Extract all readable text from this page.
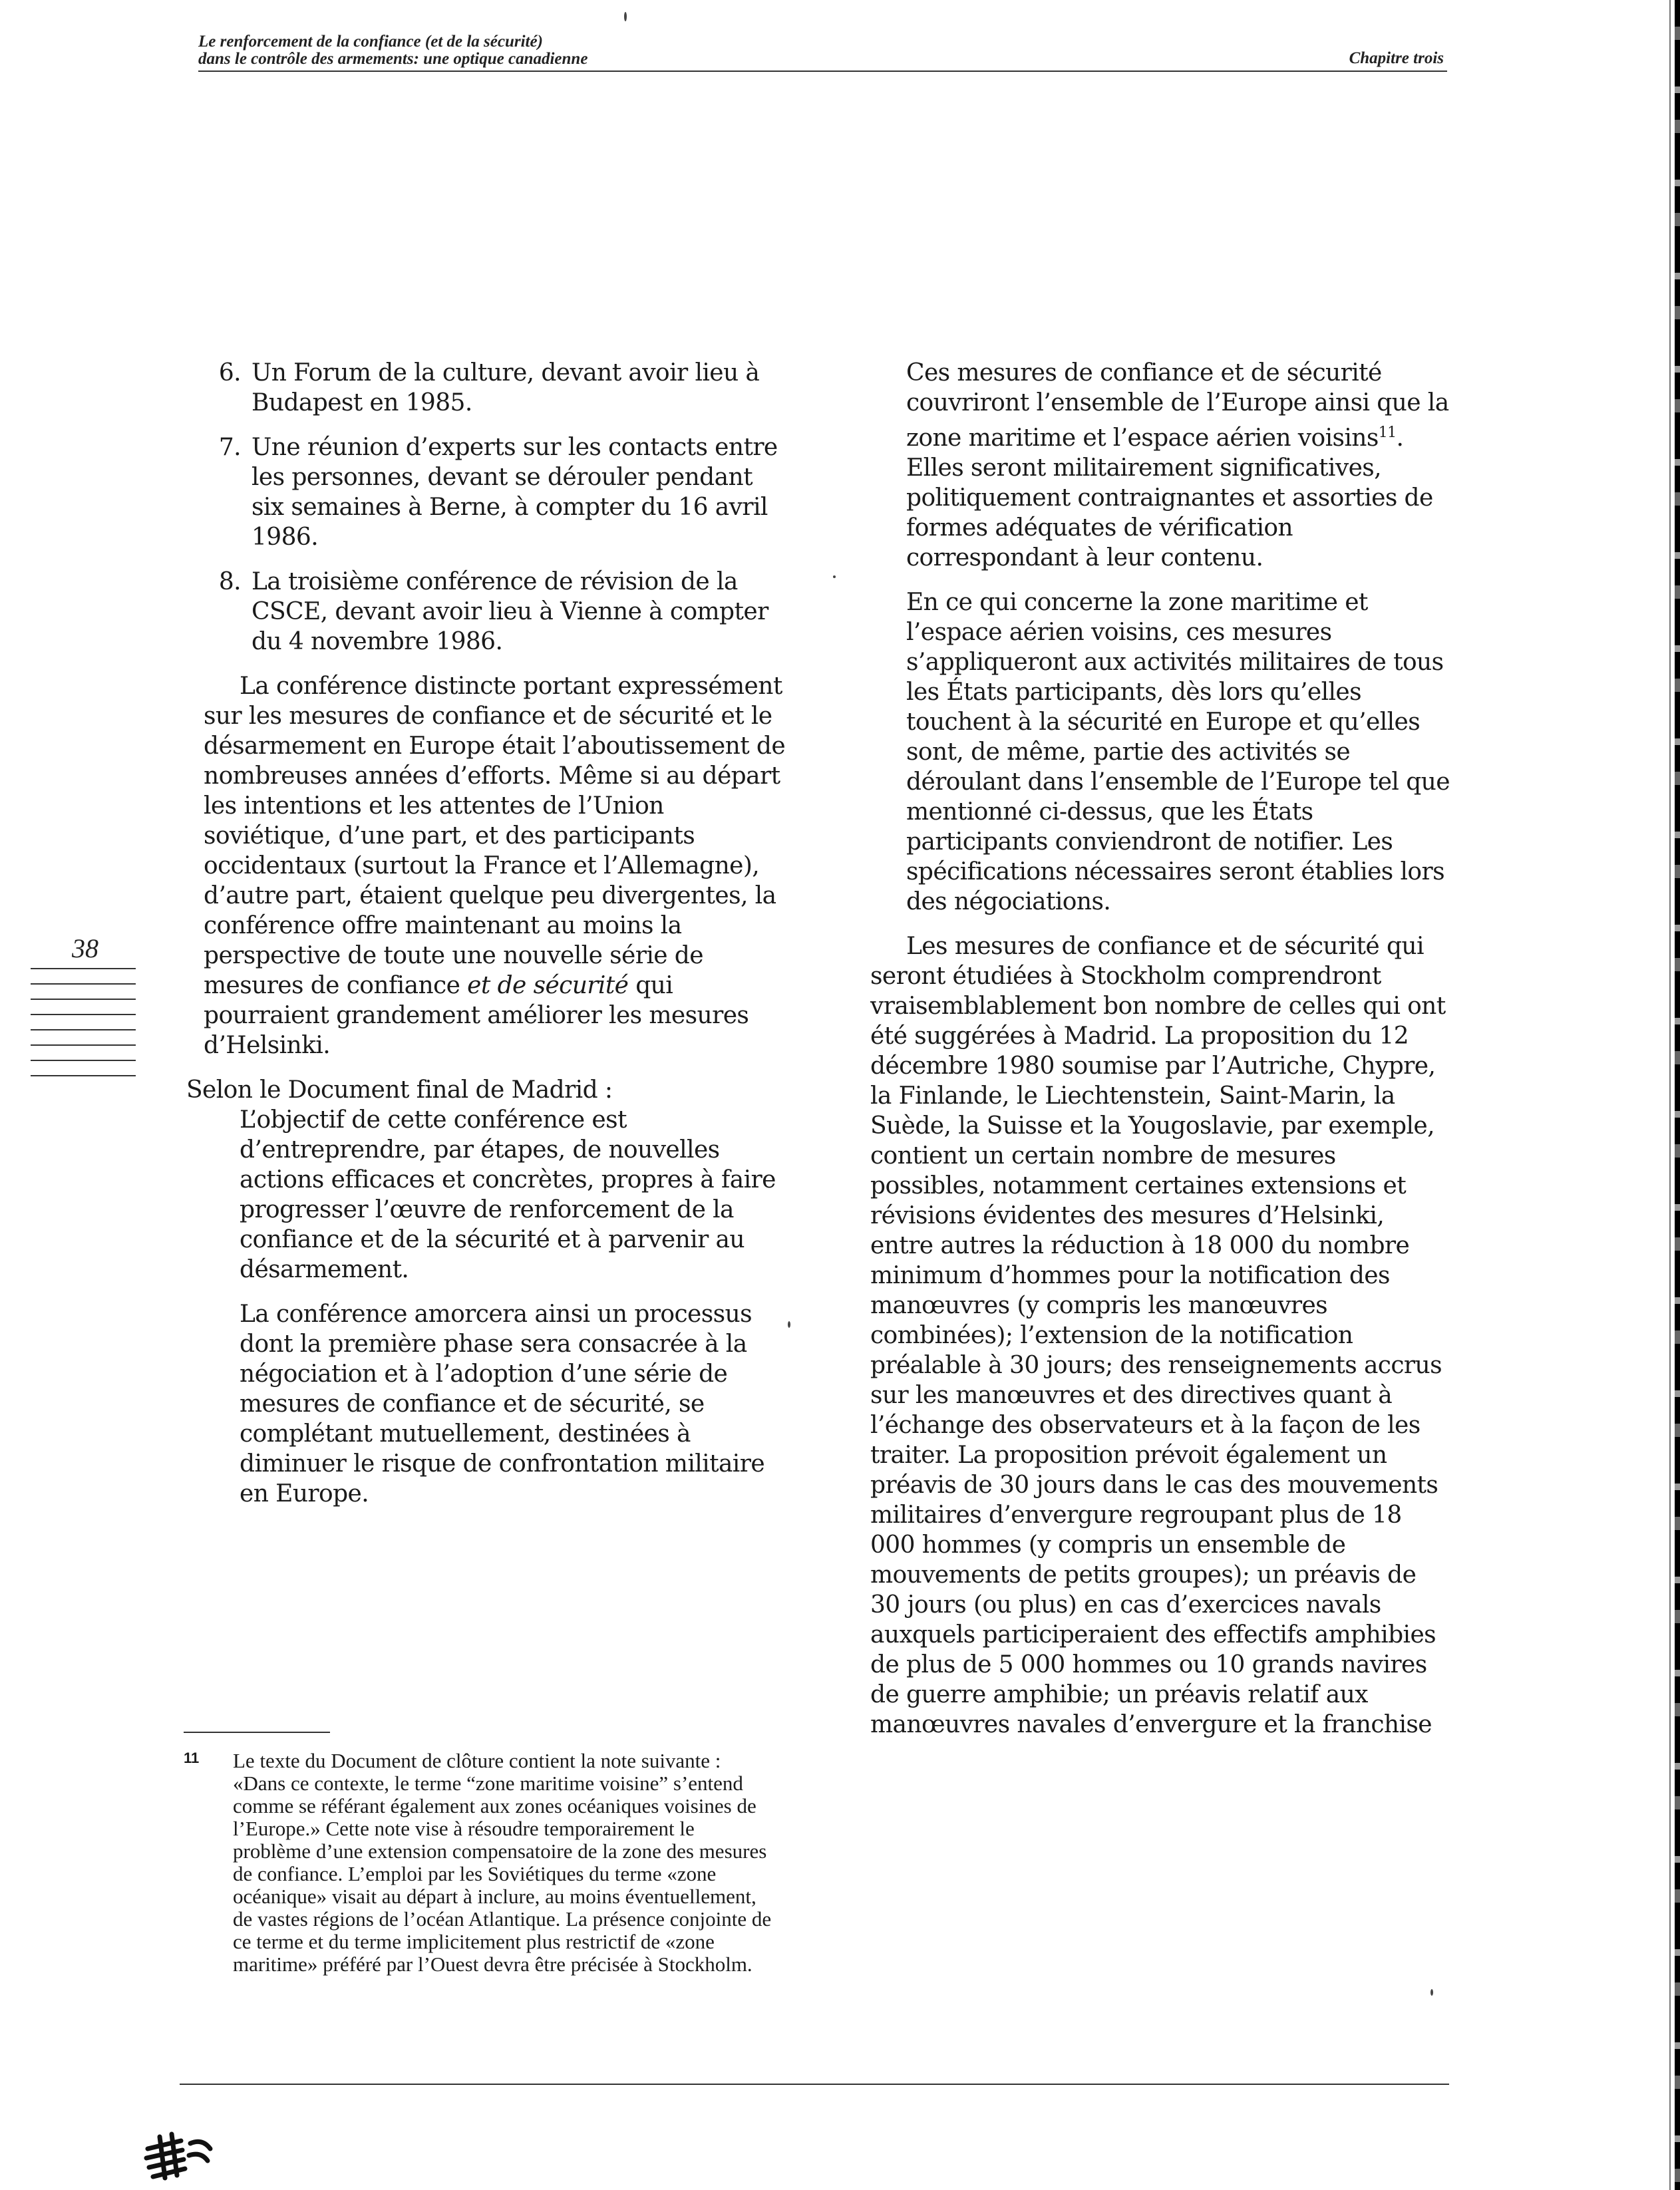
Le renforcement de la confiance (et de la sécurité)
dans le contrôle des armements: une optique canadienne	Chapitre trois
38

6. Un Forum de la culture, devant avoir lieu à Budapest en 1985.

7. Une réunion d’experts sur les contacts entre les personnes, devant se dérouler pendant six semaines à Berne, à compter du 16 avril 1986.

8. La troisième conférence de révision de la CSCE, devant avoir lieu à Vienne à compter du 4 novembre 1986.

La conférence distincte portant expressément sur les mesures de confiance et de sécurité et le désarmement en Europe était l’aboutissement de nombreuses années d’efforts. Même si au départ les intentions et les attentes de l’Union soviétique, d’une part, et des participants occidentaux (surtout la France et l’Allemagne), d’autre part, étaient quelque peu divergentes, la conférence offre maintenant au moins la perspective de toute une nouvelle série de mesures de confiance et de sécurité qui pourraient grandement améliorer les mesures d’Helsinki.

Selon le Document final de Madrid :

L’objectif de cette conférence est d’entreprendre, par étapes, de nouvelles actions efficaces et concrètes, propres à faire progresser l’œuvre de renforcement de la confiance et de la sécurité et à parvenir au désarmement.

La conférence amorcera ainsi un processus dont la première phase sera consacrée à la négociation et à l’adoption d’une série de mesures de confiance et de sécurité, se complétant mutuellement, destinées à diminuer le risque de confrontation militaire en Europe.

Ces mesures de confiance et de sécurité couvriront l’ensemble de l’Europe ainsi que la zone maritime et l’espace aérien voisins$^{11}$. Elles seront militairement significatives, politiquement contraignantes et assorties de formes adéquates de vérification correspondant à leur contenu.

En ce qui concerne la zone maritime et l’espace aérien voisins, ces mesures s’appliqueront aux activités militaires de tous les États participants, dès lors qu’elles touchent à la sécurité en Europe et qu’elles sont, de même, partie des activités se déroulant dans l’ensemble de l’Europe tel que mentionné ci-dessus, que les États participants conviendront de notifier. Les spécifications nécessaires seront établies lors des négociations.

Les mesures de confiance et de sécurité qui seront étudiées à Stockholm comprendront vraisemblablement bon nombre de celles qui ont été suggérées à Madrid. La proposition du 12 décembre 1980 soumise par l’Autriche, Chypre, la Finlande, le Liechtenstein, Saint-Marin, la Suède, la Suisse et la Yougoslavie, par exemple, contient un certain nombre de mesures possibles, notamment certaines extensions et révisions évidentes des mesures d’Helsinki, entre autres la réduction à 18 000 du nombre minimum d’hommes pour la notification des manœuvres (y compris les manœuvres combinées); l’extension de la notification préalable à 30 jours; des renseignements accrus sur les manœuvres et des directives quant à l’échange des observateurs et à la façon de les traiter. La proposition prévoit également un préavis de 30 jours dans le cas des mouvements militaires d’envergure regroupant plus de 18 000 hommes (y compris un ensemble de mouvements de petits groupes); un préavis de 30 jours (ou plus) en cas d’exercices navals auxquels participeraient des effectifs amphibies de plus de 5 000 hommes ou 10 grands navires de guerre amphibie; un préavis relatif aux manœuvres navales d’envergure et la franchise

11 Le texte du Document de clôture contient la note suivante : «Dans ce contexte, le terme “zone maritime voisine” s’entend comme se référant également aux zones océaniques voisines de l’Europe.» Cette note vise à résoudre temporairement le problème d’une extension compensatoire de la zone des mesures de confiance. L’emploi par les Soviétiques du terme «zone océanique» visait au départ à inclure, au moins éventuellement, de vastes régions de l’océan Atlantique. La présence conjointe de ce terme et du terme implicitement plus restrictif de «zone maritime» préféré par l’Ouest devra être précisée à Stockholm.
